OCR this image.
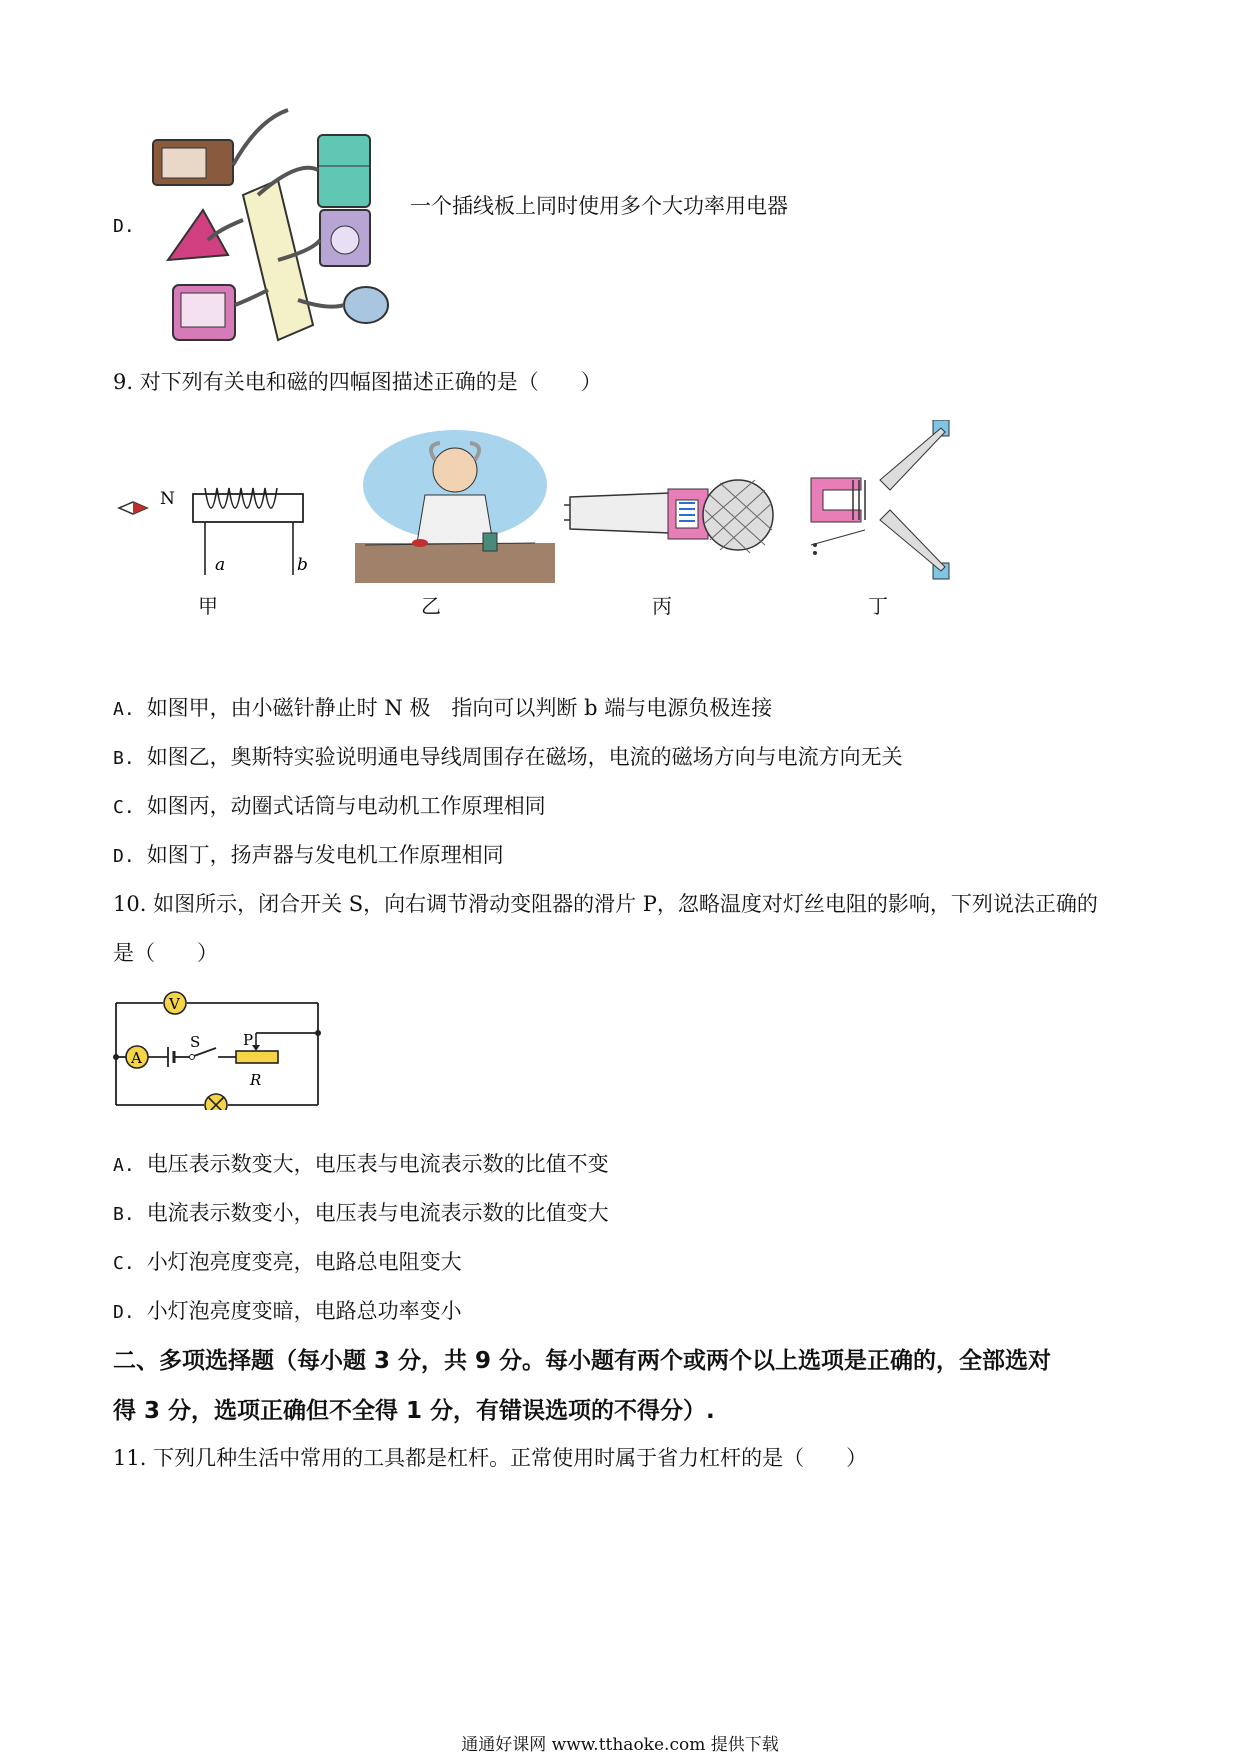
D.
一个插线板上同时使用多个大功率用电器
9. 对下列有关电和磁的四幅图描述正确的是（　　）
N
a	b
甲	乙	丙	丁
A. 如图甲，由小磁针静止时 N 极　指向可以判断 b 端与电源负极连接
B. 如图乙，奥斯特实验说明通电导线周围存在磁场，电流的磁场方向与电流方向无关
C. 如图丙，动圈式话筒与电动机工作原理相同
D. 如图丁，扬声器与发电机工作原理相同
10. 如图所示，闭合开关 S，向右调节滑动变阻器的滑片 P，忽略温度对灯丝电阻的影响，下列说法正确的
是（　　）
V
A
S
R
P
A. 电压表示数变大，电压表与电流表示数的比值不变
B. 电流表示数变小，电压表与电流表示数的比值变大
C. 小灯泡亮度变亮，电路总电阻变大
D. 小灯泡亮度变暗，电路总功率变小
二、多项选择题（每小题 3 分，共 9 分。每小题有两个或两个以上选项是正确的，全部选对
得 3 分，选项正确但不全得 1 分，有错误选项的不得分）.
11. 下列几种生活中常用的工具都是杠杆。正常使用时属于省力杠杆的是（　　）
通通好课网 www.tthaoke.com 提供下载
